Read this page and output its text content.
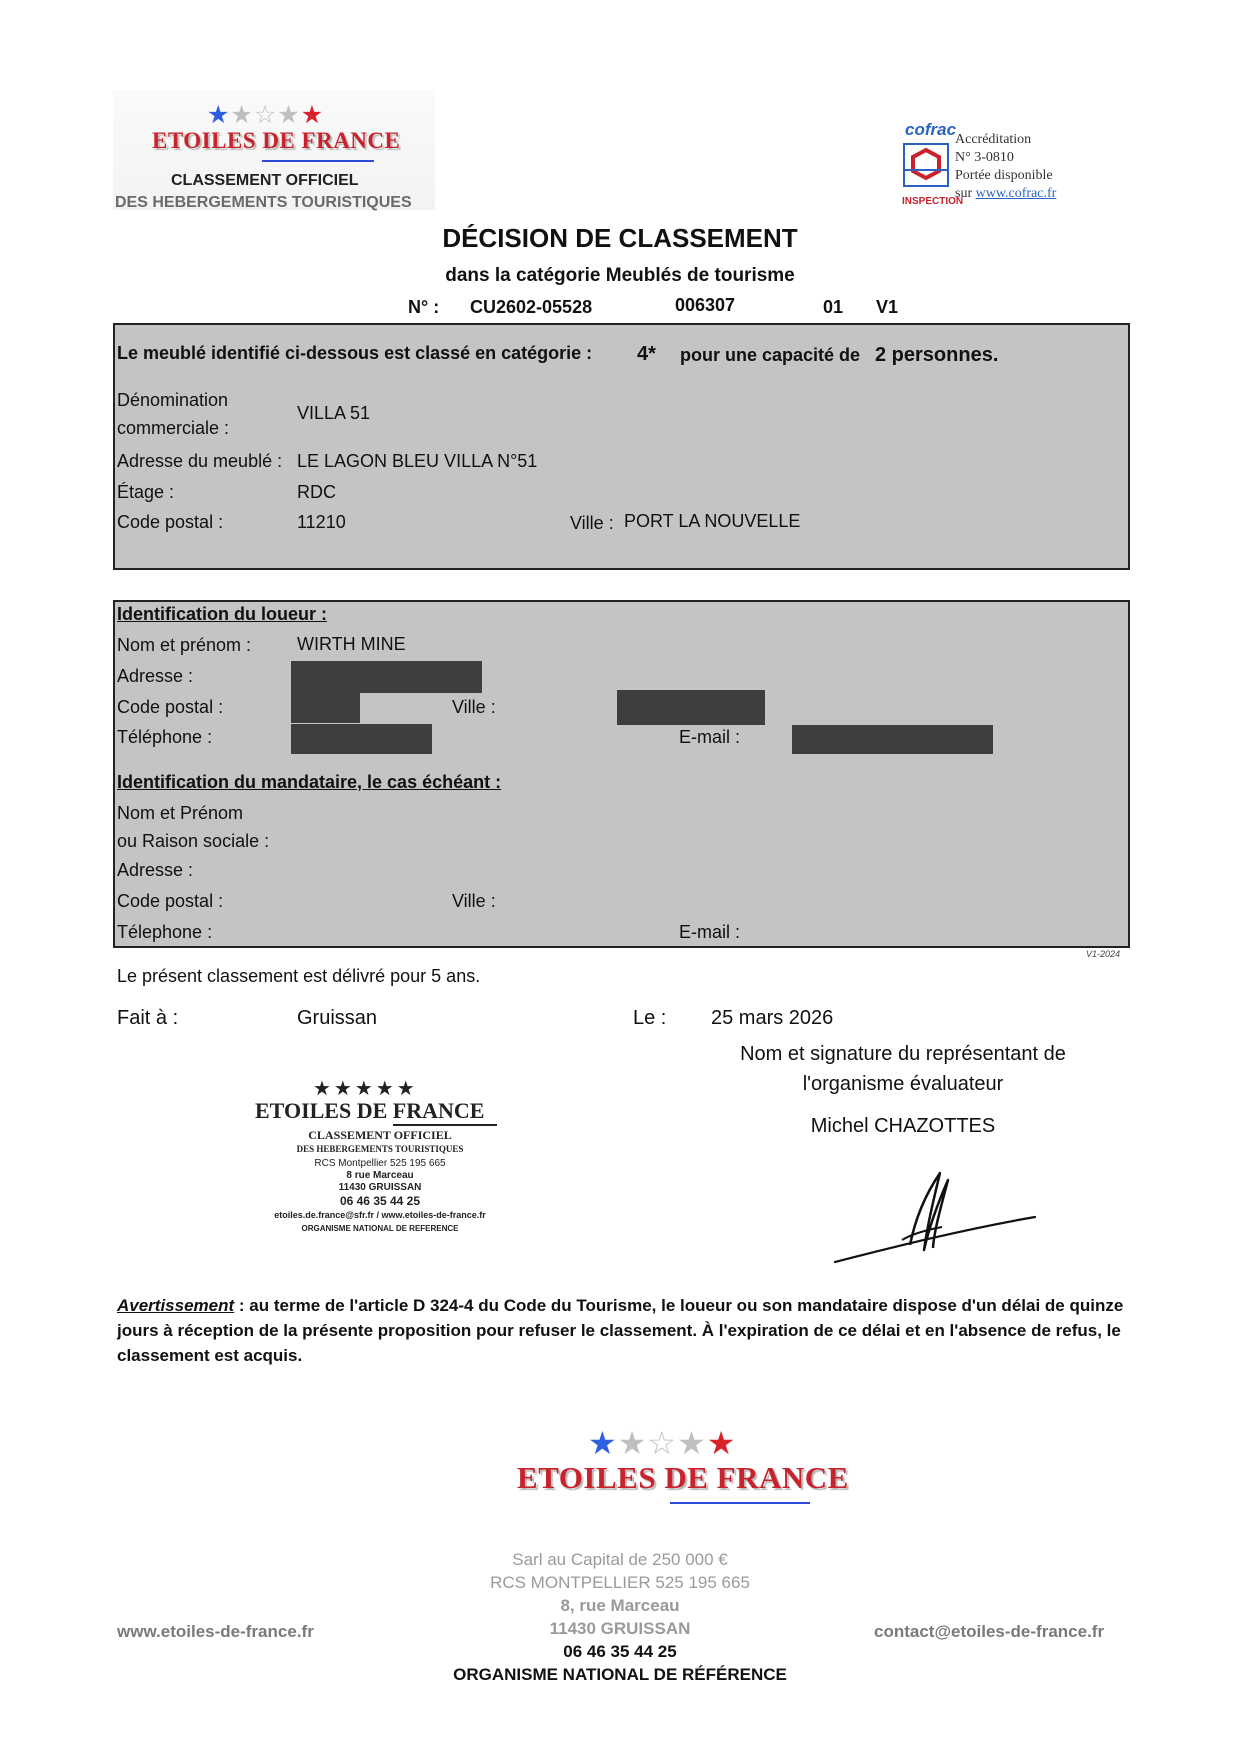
★★☆★★
ETOILES DE FRANCE
CLASSEMENT OFFICIEL
DES HEBERGEMENTS TOURISTIQUES
cofrac
INSPECTION
Accréditation
N° 3-0810
Portée disponible
sur www.cofrac.fr
DÉCISION DE CLASSEMENT
dans la catégorie Meublés de tourisme
N° : CU2602-05528	006307	01 V1
Le meublé identifié ci-dessous est classé en catégorie : 4* pour une capacité de 2 personnes.
Dénomination
commerciale :
VILLA 51
Adresse du meublé : LE LAGON BLEU VILLA N°51
Étage :	RDC
Code postal :	11210	Ville : PORT LA NOUVELLE
Identification du loueur :
Nom et prénom :	WIRTH MINE
Adresse :
Code postal :	Ville :
Téléphone :	E-mail :
Identification du mandataire, le cas échéant :
Nom et Prénom
ou Raison sociale :
Adresse :
Code postal :	Ville :
Télephone :	E-mail :
V1-2024
Le présent classement est délivré pour 5 ans.
Fait à :	Gruissan	Le : 25 mars 2026
Nom et signature du représentant de
l'organisme évaluateur
Michel CHAZOTTES
★★★★★
ETOILES DE FRANCE
CLASSEMENT OFFICIEL
DES HEBERGEMENTS TOURISTIQUES
RCS Montpellier 525 195 665
8 rue Marceau
11430 GRUISSAN
06 46 35 44 25
etoiles.de.france@sfr.fr / www.etoiles-de-france.fr
ORGANISME NATIONAL DE REFERENCE
Avertissement : au terme de l'article D 324-4 du Code du Tourisme, le loueur ou son mandataire dispose d'un délai de quinze
jours à réception de la présente proposition pour refuser le classement. À l'expiration de ce délai et en l'absence de refus, le
classement est acquis.
★★☆★★
ETOILES DE FRANCE
Sarl au Capital de 250 000 €
RCS MONTPELLIER 525 195 665
8, rue Marceau
11430 GRUISSAN
06 46 35 44 25
ORGANISME NATIONAL DE RÉFÉRENCE
www.etoiles-de-france.fr	contact@etoiles-de-france.fr
